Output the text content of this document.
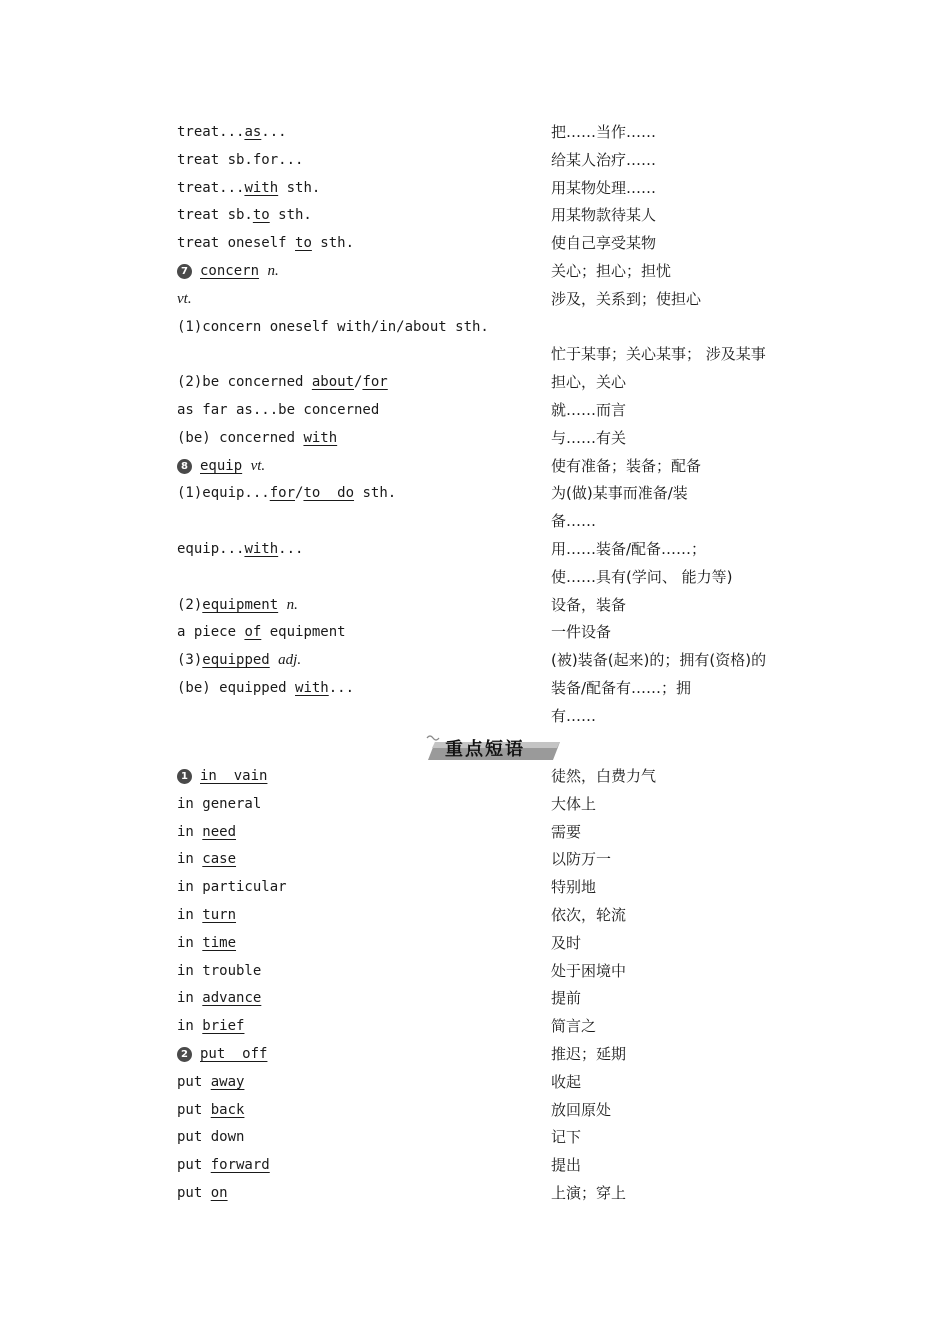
treat...as...	把……当作……
treat sb.for...	给某人治疗……
treat...with sth.	用某物处理……
treat sb.to sth.	用某物款待某人
treat oneself to sth.	使自己享受某物
7 concern n.	关心；担心；担忧
vt.	涉及，关系到；使担心
(1)concern oneself with/in/about sth.
忙于某事；关心某事； 涉及某事
(2)be concerned about/for	担心，关心
as far as...be concerned	就……而言
(be) concerned with	与……有关
8 equip vt.	使有准备；装备；配备
(1)equip...for/to  do sth.	为(做)某事而准备/装
备……
equip...with...	用……装备/配备……；
使……具有(学问、 能力等)
(2)equipment n.	设备，装备
a piece of equipment	一件设备
(3)equipped adj.	(被)装备(起来)的；拥有(资格)的
(be) equipped with...	装备/配备有……；拥
有……
重点短语
1 in  vain	徒然，白费力气
in general	大体上
in need	需要
in case	以防万一
in particular	特别地
in turn	依次，轮流
in time	及时
in trouble	处于困境中
in advance	提前
in brief	简言之
2 put  off	推迟；延期
put away	收起
put back	放回原处
put down	记下
put forward	提出
put on	上演；穿上
